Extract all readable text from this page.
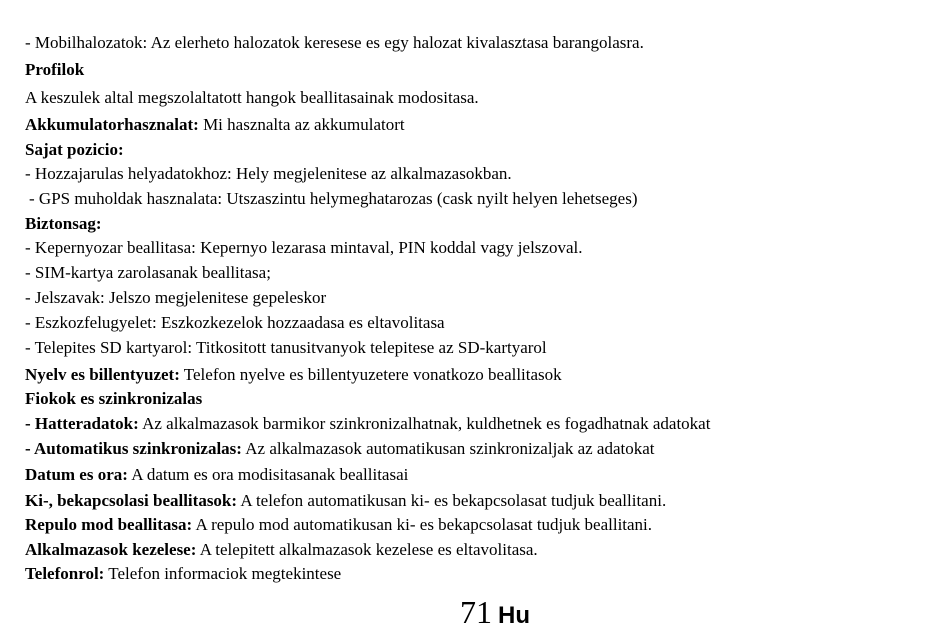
- Mobilhalozatok: Az elerheto halozatok keresese es egy halozat kivalasztasa barangolasra.
Profilok
A keszulek altal megszolaltatott hangok beallitasainak modositasa.
Akkumulatorhasznalat: Mi hasznalta az akkumulatort
Sajat pozicio:
- Hozzajarulas helyadatokhoz: Hely megjelenitese az alkalmazasokban.
- GPS muholdak hasznalata: Utszaszintu helymeghatarozas (cask nyilt helyen lehetseges)
Biztonsag:
- Kepernyozar beallitasa: Kepernyo lezarasa mintaval, PIN koddal vagy jelszoval.
- SIM-kartya zarolasanak beallitasa;
- Jelszavak: Jelszo megjelenitese gepeleskor
- Eszkozfelugyelet: Eszkozkezelok hozzaadasa es eltavolitasa
- Telepites SD kartyarol: Titkositott tanusitvanyok telepitese az SD-kartyarol
Nyelv es billentyuzet: Telefon nyelve es billentyuzetere vonatkozo beallitasok
Fiokok es szinkronizalas
- Hatteradatok: Az alkalmazasok barmikor szinkronizalhatnak, kuldhetnek es fogadhatnak adatokat
- Automatikus szinkronizalas: Az alkalmazasok automatikusan szinkronizaljak az adatokat
Datum es ora: A datum es ora modisitasanak beallitasai
Ki-, bekapcsolasi beallitasok: A telefon automatikusan ki- es bekapcsolasat tudjuk beallitani.
Repulo mod beallitasa: A repulo mod automatikusan ki- es bekapcsolasat tudjuk beallitani.
Alkalmazasok kezelese: A telepitett alkalmazasok kezelese es eltavolitasa.
Telefonrol: Telefon informaciok megtekintese
71 Hu
